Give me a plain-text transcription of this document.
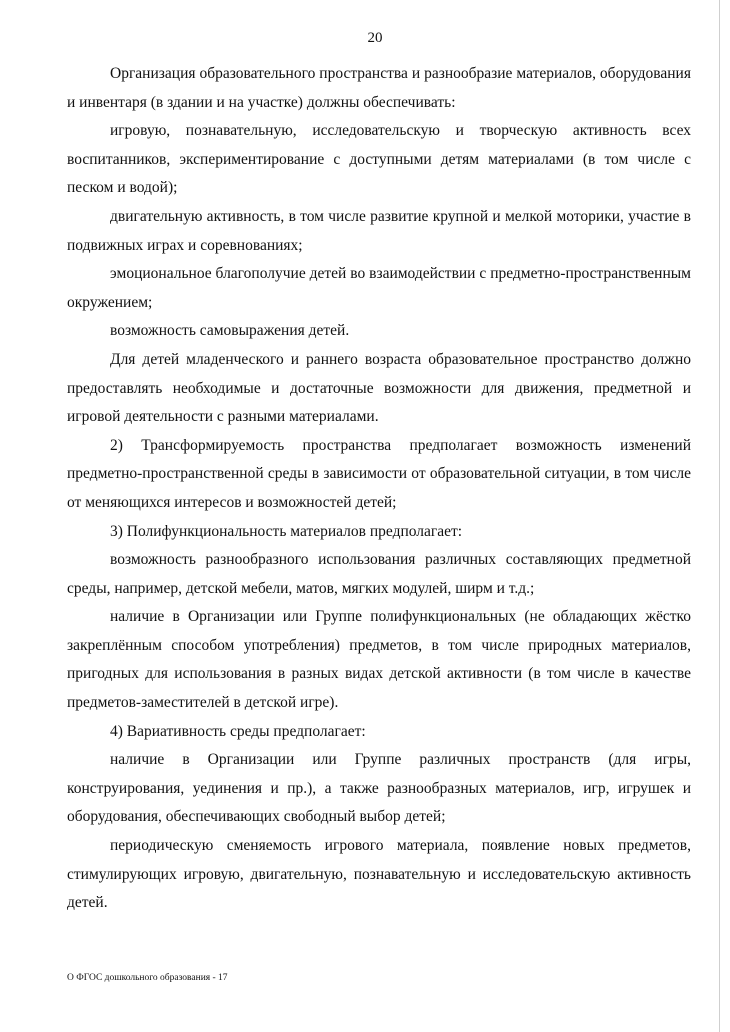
20

Организация образовательного пространства и разнообразие материалов, оборудования и инвентаря (в здании и на участке) должны обеспечивать:

игровую, познавательную, исследовательскую и творческую активность всех воспитанников, экспериментирование с доступными детям материалами (в том числе с песком и водой);

двигательную активность, в том числе развитие крупной и мелкой моторики, участие в подвижных играх и соревнованиях;

эмоциональное благополучие детей во взаимодействии с предметно-пространственным окружением;

возможность самовыражения детей.

Для детей младенческого и раннего возраста образовательное пространство должно предоставлять необходимые и достаточные возможности для движения, предметной и игровой деятельности с разными материалами.

2) Трансформируемость пространства предполагает возможность изменений предметно-пространственной среды в зависимости от образовательной ситуации, в том числе от меняющихся интересов и возможностей детей;

3) Полифункциональность материалов предполагает:

возможность разнообразного использования различных составляющих предметной среды, например, детской мебели, матов, мягких модулей, ширм и т.д.;

наличие в Организации или Группе полифункциональных (не обладающих жёстко закреплённым способом употребления) предметов, в том числе природных материалов, пригодных для использования в разных видах детской активности (в том числе в качестве предметов-заместителей в детской игре).

4) Вариативность среды предполагает:

наличие в Организации или Группе различных пространств (для игры, конструирования, уединения и пр.), а также разнообразных материалов, игр, игрушек и оборудования, обеспечивающих свободный выбор детей;

периодическую сменяемость игрового материала, появление новых предметов, стимулирующих игровую, двигательную, познавательную и исследовательскую активность детей.

О ФГОС дошкольного образования - 17
